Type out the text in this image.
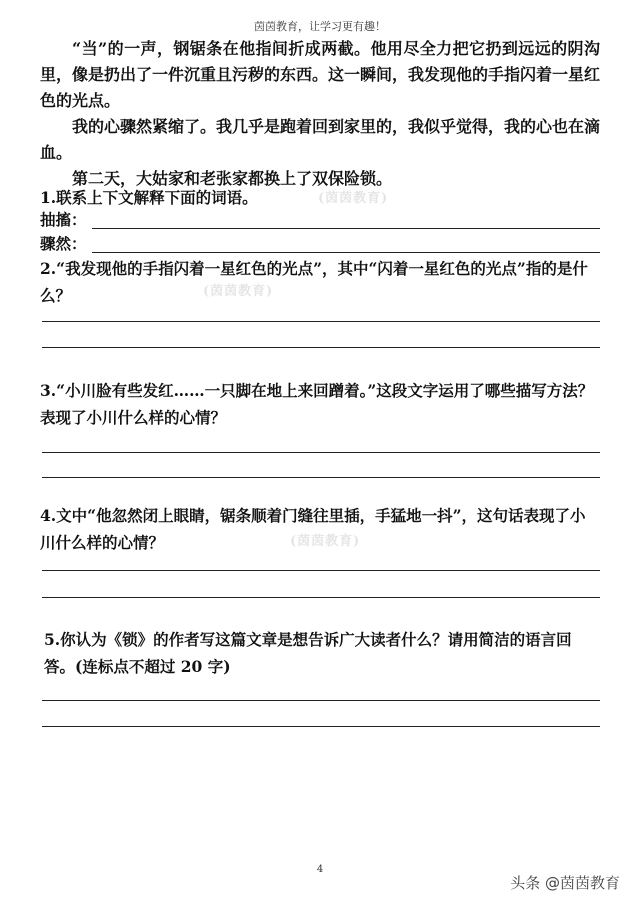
茵茵教育，让学习更有趣！
“当”的一声，钢锯条在他指间折成两截。他用尽全力把它扔到远远的阴沟里，像是扔出了一件沉重且污秽的东西。这一瞬间，我发现他的手指闪着一星红色的光点。
我的心骤然紧缩了。我几乎是跑着回到家里的，我似乎觉得，我的心也在滴血。
第二天，大姑家和老张家都换上了双保险锁。
1.联系上下文解释下面的词语。	(茵茵教育)
抽搐：
骤然：
2.“我发现他的手指闪着一星红色的光点”，其中“闪着一星红色的光点”指的是什么？	(茵茵教育)
3.“小川脸有些发红……一只脚在地上来回蹭着。”这段文字运用了哪些描写方法？表现了小川什么样的心情？
4.文中“他忽然闭上眼睛，锯条顺着门缝往里插，手猛地一抖”，这句话表现了小川什么样的心情？	(茵茵教育)
5.你认为《锁》的作者写这篇文章是想告诉广大读者什么？请用简洁的语言回答。(连标点不超过 20 字)
4
头条 @茵茵教育
